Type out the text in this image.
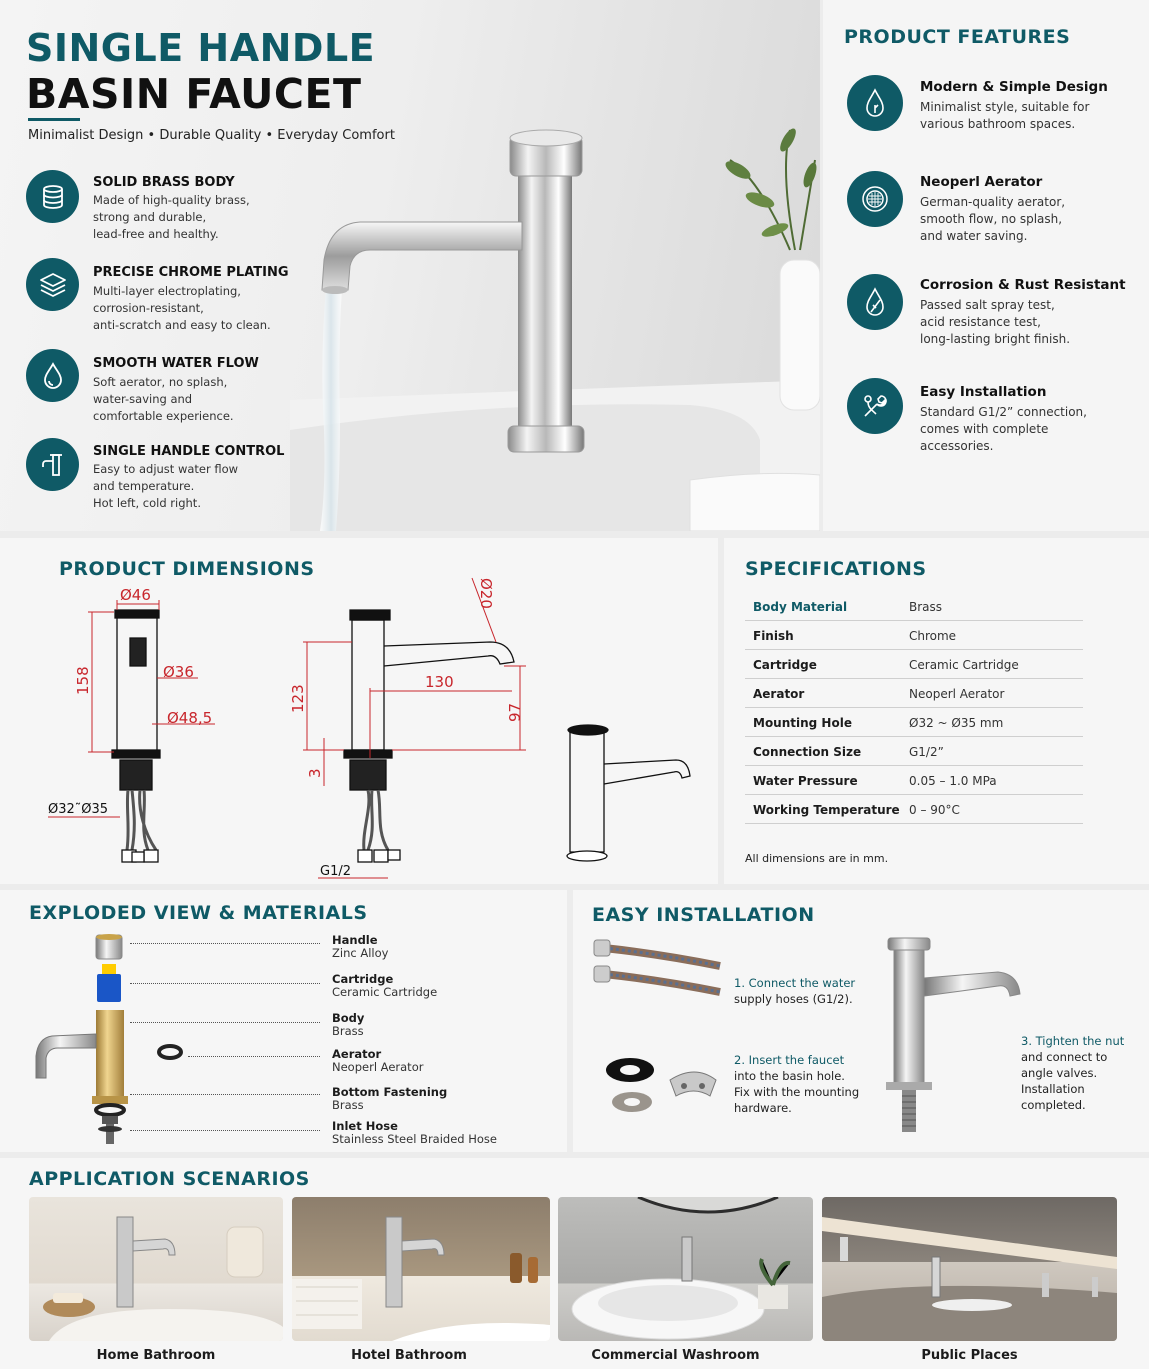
SINGLE HANDLE
BASIN FAUCET
Minimalist Design • Durable Quality • Everyday Comfort
SOLID BRASS BODY
Made of high-quality brass,
strong and durable,
lead-free and healthy.
PRECISE CHROME PLATING
Multi-layer electroplating,
corrosion-resistant,
anti-scratch and easy to clean.
SMOOTH WATER FLOW
Soft aerator, no splash,
water-saving and
comfortable experience.
SINGLE HANDLE CONTROL
Easy to adjust water flow
and temperature.
Hot left, cold right.
PRODUCT FEATURES
Modern & Simple Design
Minimalist style, suitable for
various bathroom spaces.
Neoperl Aerator
German-quality aerator,
smooth flow, no splash,
and water saving.
Corrosion & Rust Resistant
Passed salt spray test,
acid resistance test,
long-lasting bright finish.
Easy Installation
Standard G1/2” connection,
comes with complete
accessories.
PRODUCT DIMENSIONS
Ø46
Ø36
Ø48,5
158
Ø32˜Ø35
Ø20
130
123	97
3
G1/2
SPECIFICATIONS
Body Material	Brass
Finish	Chrome
Cartridge	Ceramic Cartridge
Aerator	Neoperl Aerator
Mounting Hole	Ø32 ~ Ø35 mm
Connection Size	G1/2”
Water Pressure	0.05 – 1.0 MPa
Working Temperature 0 – 90°C
All dimensions are in mm.
EXPLODED VIEW & MATERIALS
Handle
Zinc Alloy
Cartridge
Ceramic Cartridge
Body
Brass
Aerator
Neoperl Aerator
Bottom Fastening
Brass
Inlet Hose
Stainless Steel Braided Hose
EASY INSTALLATION
1. Connect the water
supply hoses (G1/2).
2. Insert the faucet
into the basin hole.
Fix with the mounting
hardware.
3. Tighten the nut
and connect to
angle valves.
Installation
completed.
APPLICATION SCENARIOS
Home Bathroom	Hotel Bathroom	Commercial Washroom	Public Places
